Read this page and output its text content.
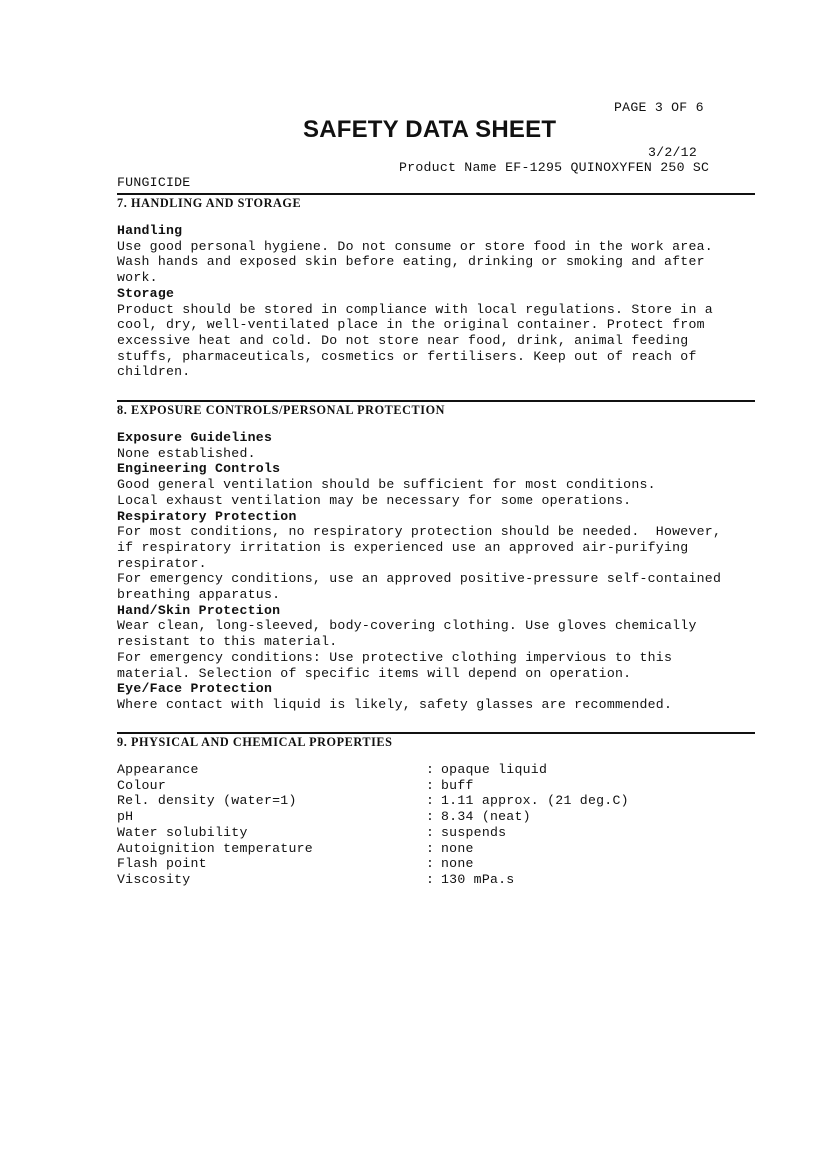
PAGE 3 OF 6
SAFETY DATA SHEET
3/2/12
Product Name EF-1295 QUINOXYFEN 250 SC
FUNGICIDE
7. HANDLING AND STORAGE
Handling
Use good personal hygiene. Do not consume or store food in the work area.
Wash hands and exposed skin before eating, drinking or smoking and after
work.
Storage
Product should be stored in compliance with local regulations. Store in a
cool, dry, well-ventilated place in the original container. Protect from
excessive heat and cold. Do not store near food, drink, animal feeding
stuffs, pharmaceuticals, cosmetics or fertilisers. Keep out of reach of
children.
8. EXPOSURE CONTROLS/PERSONAL PROTECTION
Exposure Guidelines
None established.
Engineering Controls
Good general ventilation should be sufficient for most conditions.
Local exhaust ventilation may be necessary for some operations.
Respiratory Protection
For most conditions, no respiratory protection should be needed.  However,
if respiratory irritation is experienced use an approved air-purifying
respirator.
For emergency conditions, use an approved positive-pressure self-contained
breathing apparatus.
Hand/Skin Protection
Wear clean, long-sleeved, body-covering clothing. Use gloves chemically
resistant to this material.
For emergency conditions: Use protective clothing impervious to this
material. Selection of specific items will depend on operation.
Eye/Face Protection
Where contact with liquid is likely, safety glasses are recommended.
9. PHYSICAL AND CHEMICAL PROPERTIES
Appearance	:	opaque liquid
Colour	:	buff
Rel. density (water=1)	:	1.11 approx. (21 deg.C)
pH	:	8.34 (neat)
Water solubility	:	suspends
Autoignition temperature	:	none
Flash point	:	none
Viscosity	:	130 mPa.s
